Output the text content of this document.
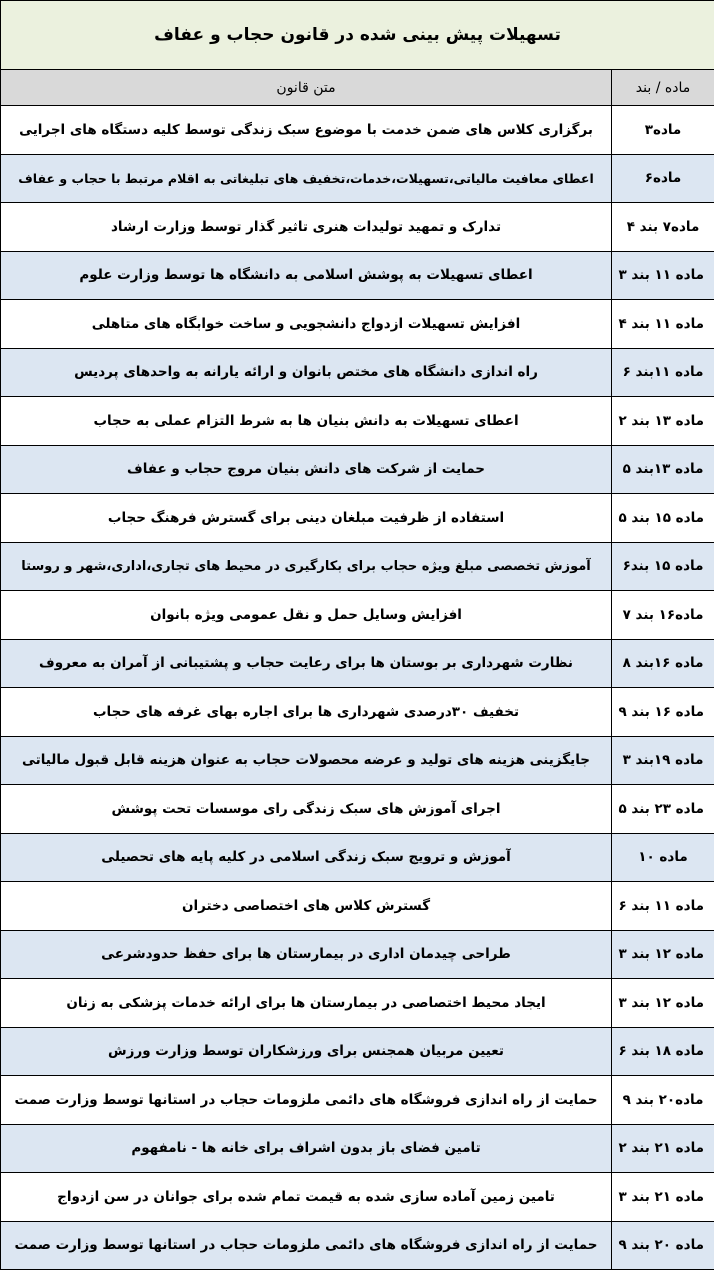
تسهیلات پیش بینی شده در قانون حجاب و عفاف	
ماده / بند	متن قانون
ماده۳	برگزاری کلاس های ضمن خدمت با موضوع سبک زندگی توسط کلیه دستگاه های اجرایی
ماده۶	اعطای معافیت مالیاتی،تسهیلات،خدمات،تخفیف های تبلیغاتی به اقلام مرتبط با حجاب و عفاف
ماده۷ بند ۴	تدارک و تمهید تولیدات هنری تاثیر گذار توسط وزارت ارشاد
ماده ۱۱ بند ۳	اعطای تسهیلات به پوشش اسلامی به دانشگاه ها توسط وزارت علوم
ماده ۱۱ بند ۴	افزایش تسهیلات ازدواج دانشجویی و ساخت خوابگاه های متاهلی
ماده ۱۱بند ۶	راه اندازی دانشگاه های مختص بانوان و ارائه یارانه به واحدهای پردیس
ماده ۱۳ بند ۲	اعطای تسهیلات به دانش بنیان ها به شرط التزام عملی به حجاب
ماده ۱۳بند ۵	حمایت از شرکت های دانش بنیان مروج حجاب و عفاف
ماده ۱۵ بند ۵	استفاده از ظرفیت مبلغان دینی برای گسترش فرهنگ حجاب
ماده ۱۵ بند۶	آموزش تخصصی مبلغ ویژه حجاب برای بکارگیری در محیط های تجاری،اداری،شهر و روستا
ماده۱۶ بند ۷	افزایش وسایل حمل و نقل عمومی ویژه بانوان
ماده ۱۶بند ۸	نظارت شهرداری بر بوستان ها برای رعایت حجاب و پشتیبانی از آمران به معروف
ماده ۱۶ بند ۹	تخفیف ۳۰درصدی شهرداری ها برای اجاره بهای غرفه های حجاب
ماده ۱۹بند ۳	جایگزینی هزینه های تولید و عرضه محصولات حجاب به عنوان هزینه قابل قبول مالیاتی
ماده ۲۳ بند ۵	اجرای آموزش های سبک زندگی رای موسسات تحت پوشش
ماده ۱۰	آموزش و ترویج سبک زندگی اسلامی در کلیه پایه های تحصیلی
ماده ۱۱ بند ۶	گسترش کلاس های اختصاصی دختران
ماده ۱۲ بند ۳	طراحی چیدمان اداری در بیمارستان ها برای حفظ حدودشرعی
ماده ۱۲ بند ۳	ایجاد محیط اختصاصی در بیمارستان ها برای ارائه خدمات پزشکی به زنان
ماده ۱۸ بند ۶	تعیین مربیان همجنس برای ورزشکاران توسط وزارت ورزش
ماده۲۰ بند ۹	حمایت از راه اندازی فروشگاه های دائمی ملزومات حجاب در استانها توسط وزارت صمت
ماده ۲۱ بند ۲	تامین فضای باز بدون اشراف برای خانه ها - نامفهوم
ماده ۲۱ بند ۳	تامین زمین آماده سازی شده به قیمت تمام شده برای جوانان در سن ازدواج
ماده ۲۰ بند ۹	حمایت از راه اندازی فروشگاه های دائمی ملزومات حجاب در استانها توسط وزارت صمت
